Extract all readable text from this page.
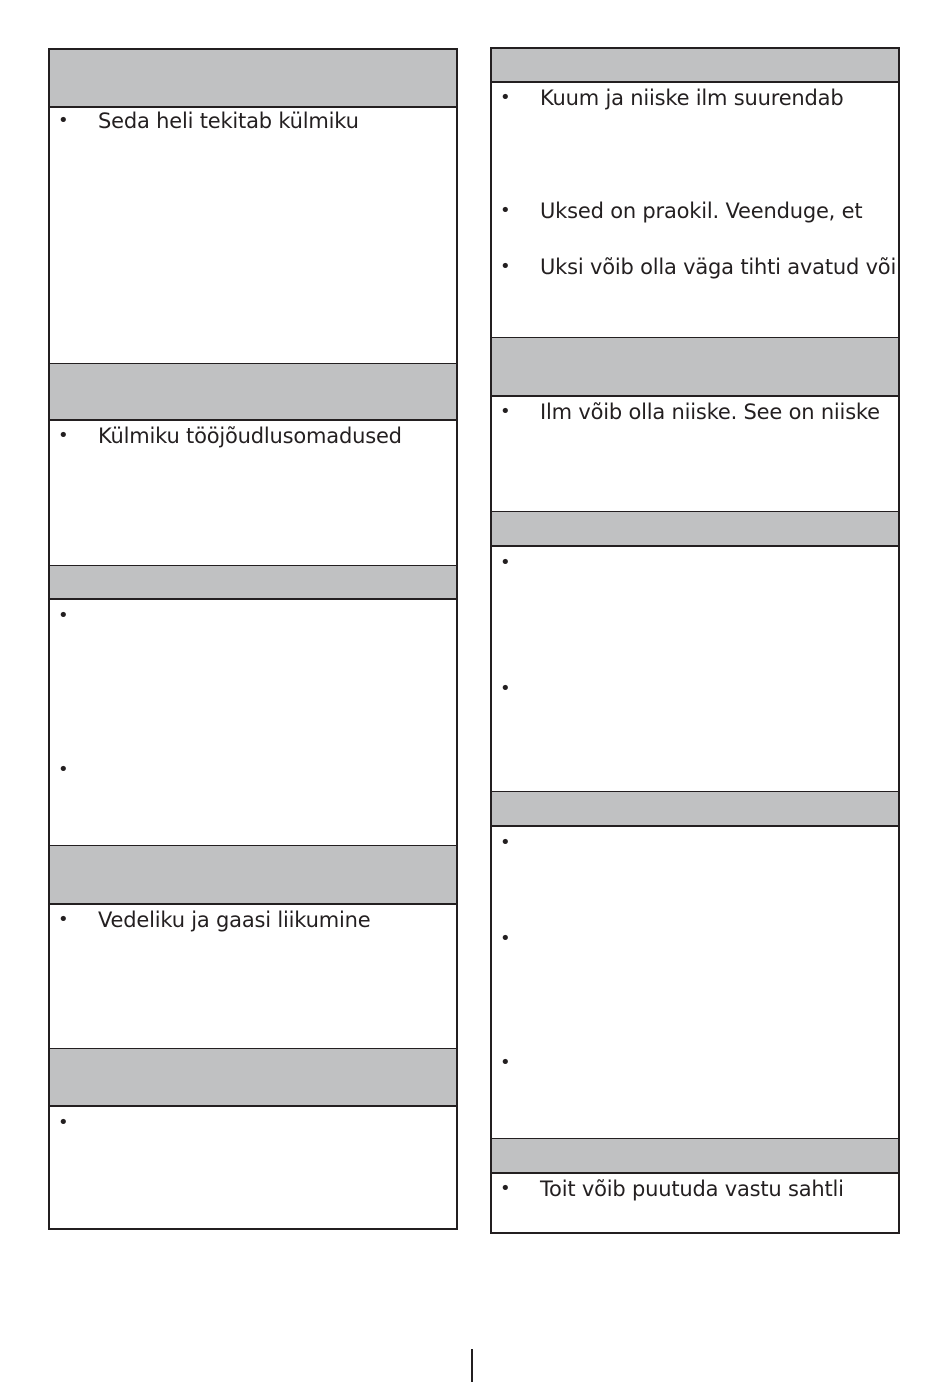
• Seda heli tekitab külmiku
• Külmiku tööjõudlusomadused
•
•
• Vedeliku ja gaasi liikumine
•
• Kuum ja niiske ilm suurendab
• Uksed on praokil. Veenduge, et
• Uksi võib olla väga tihti avatud või
• Ilm võib olla niiske. See on niiske
•
•
•
•
•
• Toit võib puutuda vastu sahtli
